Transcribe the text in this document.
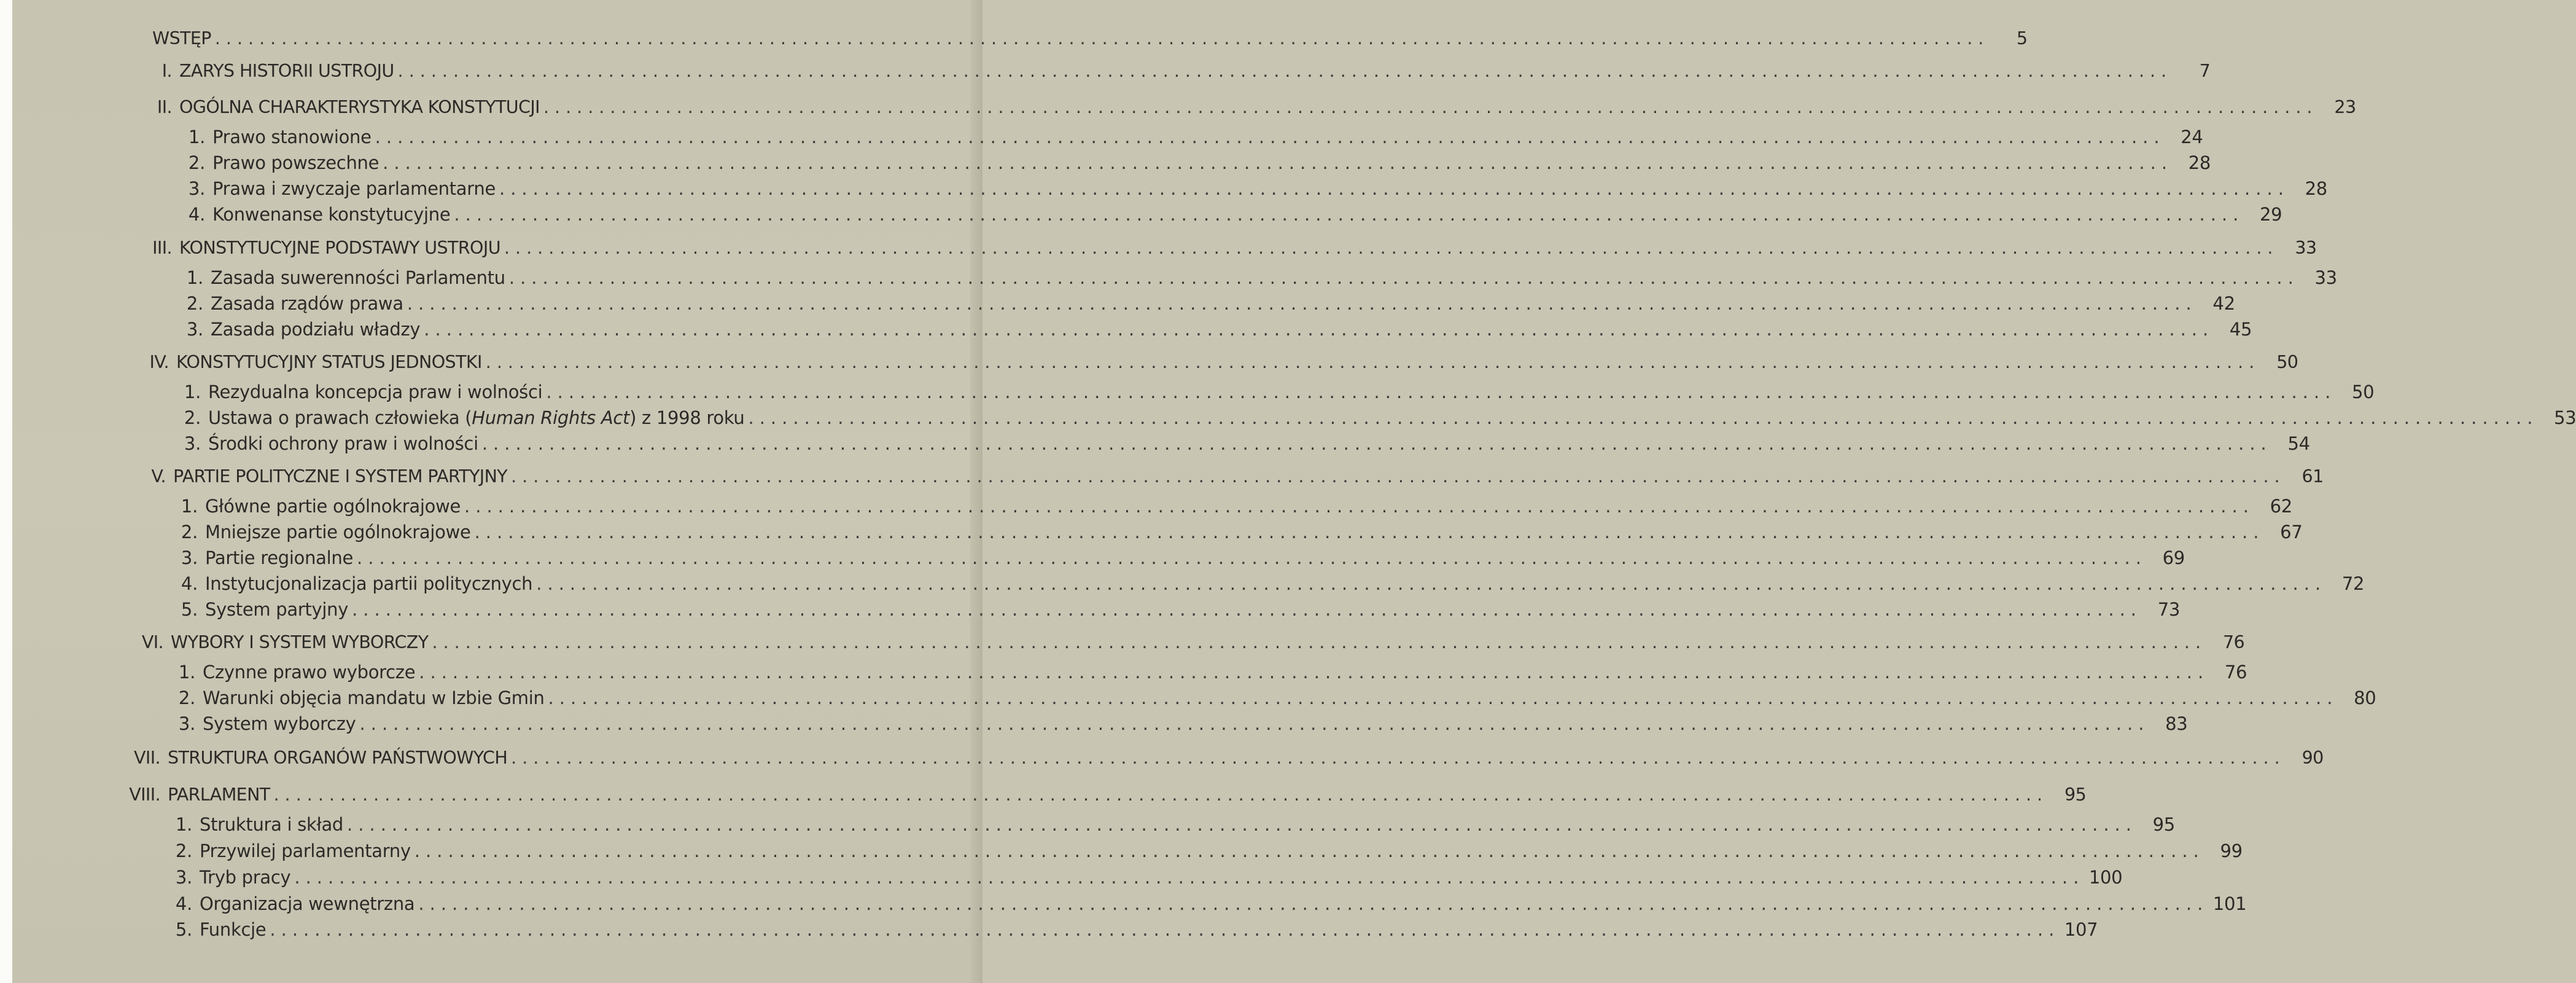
WSTĘP ................................................................................................................................................................	5
I. ZARYS HISTORII USTROJU ................................................................................................................................................................	7
II. OGÓLNA CHARAKTERYSTYKA KONSTYTUCJI ................................................................................................................................................................ 23
1. Prawo stanowione ................................................................................................................................................................ 24
2. Prawo powszechne ................................................................................................................................................................ 28
3. Prawa i zwyczaje parlamentarne ................................................................................................................................................................ 28
4. Konwenanse konstytucyjne ................................................................................................................................................................ 29
III. KONSTYTUCYJNE PODSTAWY USTROJU ................................................................................................................................................................ 33
1. Zasada suwerenności Parlamentu ................................................................................................................................................................ 33
2. Zasada rządów prawa ................................................................................................................................................................ 42
3. Zasada podziału władzy ................................................................................................................................................................ 45
IV. KONSTYTUCYJNY STATUS JEDNOSTKI ................................................................................................................................................................ 50
1. Rezydualna koncepcja praw i wolności ................................................................................................................................................................ 50
2. Ustawa o prawach człowieka (Human Rights Act) z 1998 roku ................................................................................................................................................................ 53
3. Środki ochrony praw i wolności ................................................................................................................................................................ 54
V. PARTIE POLITYCZNE I SYSTEM PARTYJNY ................................................................................................................................................................ 61
1. Główne partie ogólnokrajowe ................................................................................................................................................................ 62
2. Mniejsze partie ogólnokrajowe ................................................................................................................................................................ 67
3. Partie regionalne ................................................................................................................................................................ 69
4. Instytucjonalizacja partii politycznych ................................................................................................................................................................ 72
5. System partyjny ................................................................................................................................................................ 73
VI. WYBORY I SYSTEM WYBORCZY ................................................................................................................................................................ 76
1. Czynne prawo wyborcze ................................................................................................................................................................ 76
2. Warunki objęcia mandatu w Izbie Gmin ................................................................................................................................................................ 80
3. System wyborczy ................................................................................................................................................................ 83
VII. STRUKTURA ORGANÓW PAŃSTWOWYCH ................................................................................................................................................................ 90
VIII. PARLAMENT ................................................................................................................................................................ 95
1. Struktura i skład ................................................................................................................................................................ 95
2. Przywilej parlamentarny ................................................................................................................................................................ 99
3. Tryb pracy ................................................................................................................................................................ 100
4. Organizacja wewnętrzna ................................................................................................................................................................ 101
5. Funkcje ................................................................................................................................................................ 107
